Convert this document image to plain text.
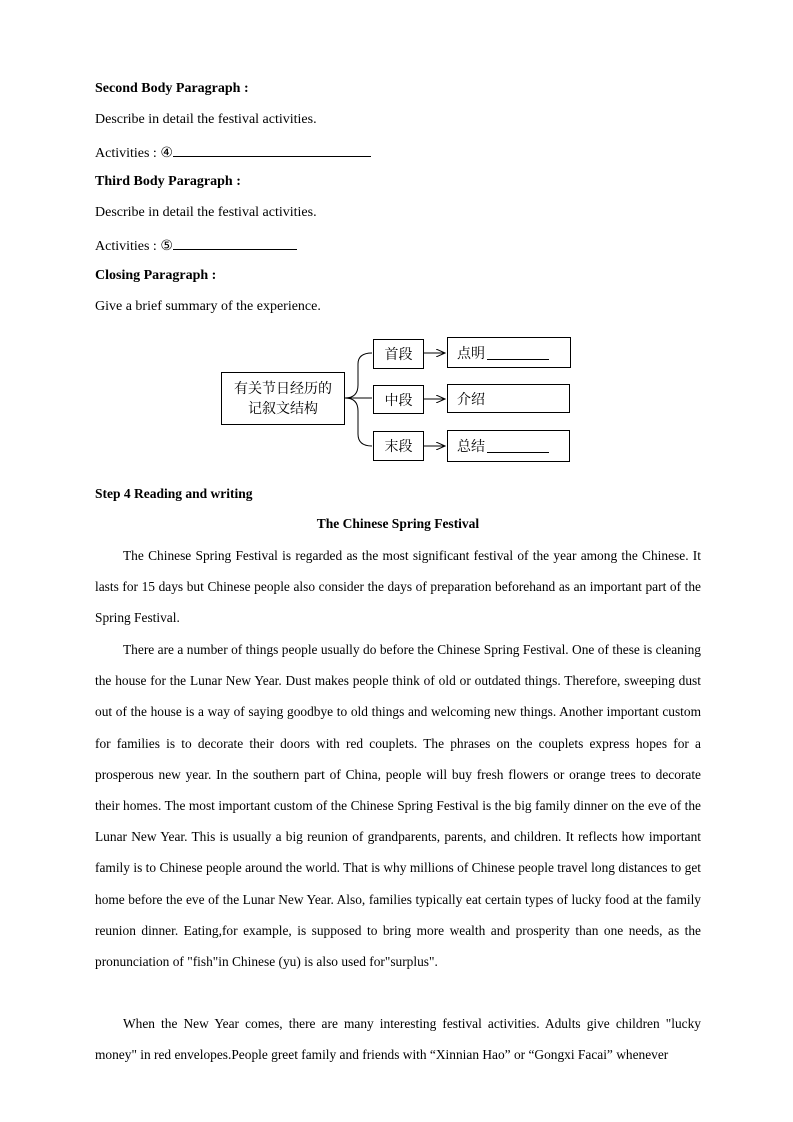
Second Body Paragraph :
Describe in detail the festival activities.
Activities : ④
Third Body Paragraph :
Describe in detail the festival activities.
Activities : ⑤
Closing Paragraph :
Give a brief summary of the experience.
有关节日经历的
记叙文结构
首段
中段
末段
点明
介绍
总结
Step 4 Reading and writing
The Chinese Spring Festival
The Chinese Spring Festival is regarded as the most significant festival of the year among the Chinese. It lasts for 15 days but Chinese people also consider the days of preparation beforehand as an important part of the Spring Festival.
There are a number of things people usually do before the Chinese Spring Festival. One of these is cleaning the house for the Lunar New Year. Dust makes people think of old or outdated things. Therefore, sweeping dust out of the house is a way of saying goodbye to old things and welcoming new things. Another important custom for families is to decorate their doors with red couplets. The phrases on the couplets express hopes for a prosperous new year. In the southern part of China, people will buy fresh flowers or orange trees to decorate their homes. The most important custom of the Chinese Spring Festival is the big family dinner on the eve of the Lunar New Year. This is usually a big reunion of grandparents, parents, and children. It reflects how important family is to Chinese people around the world. That is why millions of Chinese people travel long distances to get home before the eve of the Lunar New Year. Also, families typically eat certain types of lucky food at the family reunion dinner. Eating,for example, is supposed to bring more wealth and prosperity than one needs, as the pronunciation of "fish"in Chinese (yu) is also used for"surplus".
When the New Year comes, there are many interesting festival activities. Adults give children "lucky money" in red envelopes.People greet family and friends with “Xinnian Hao” or “Gongxi Facai” whenever
